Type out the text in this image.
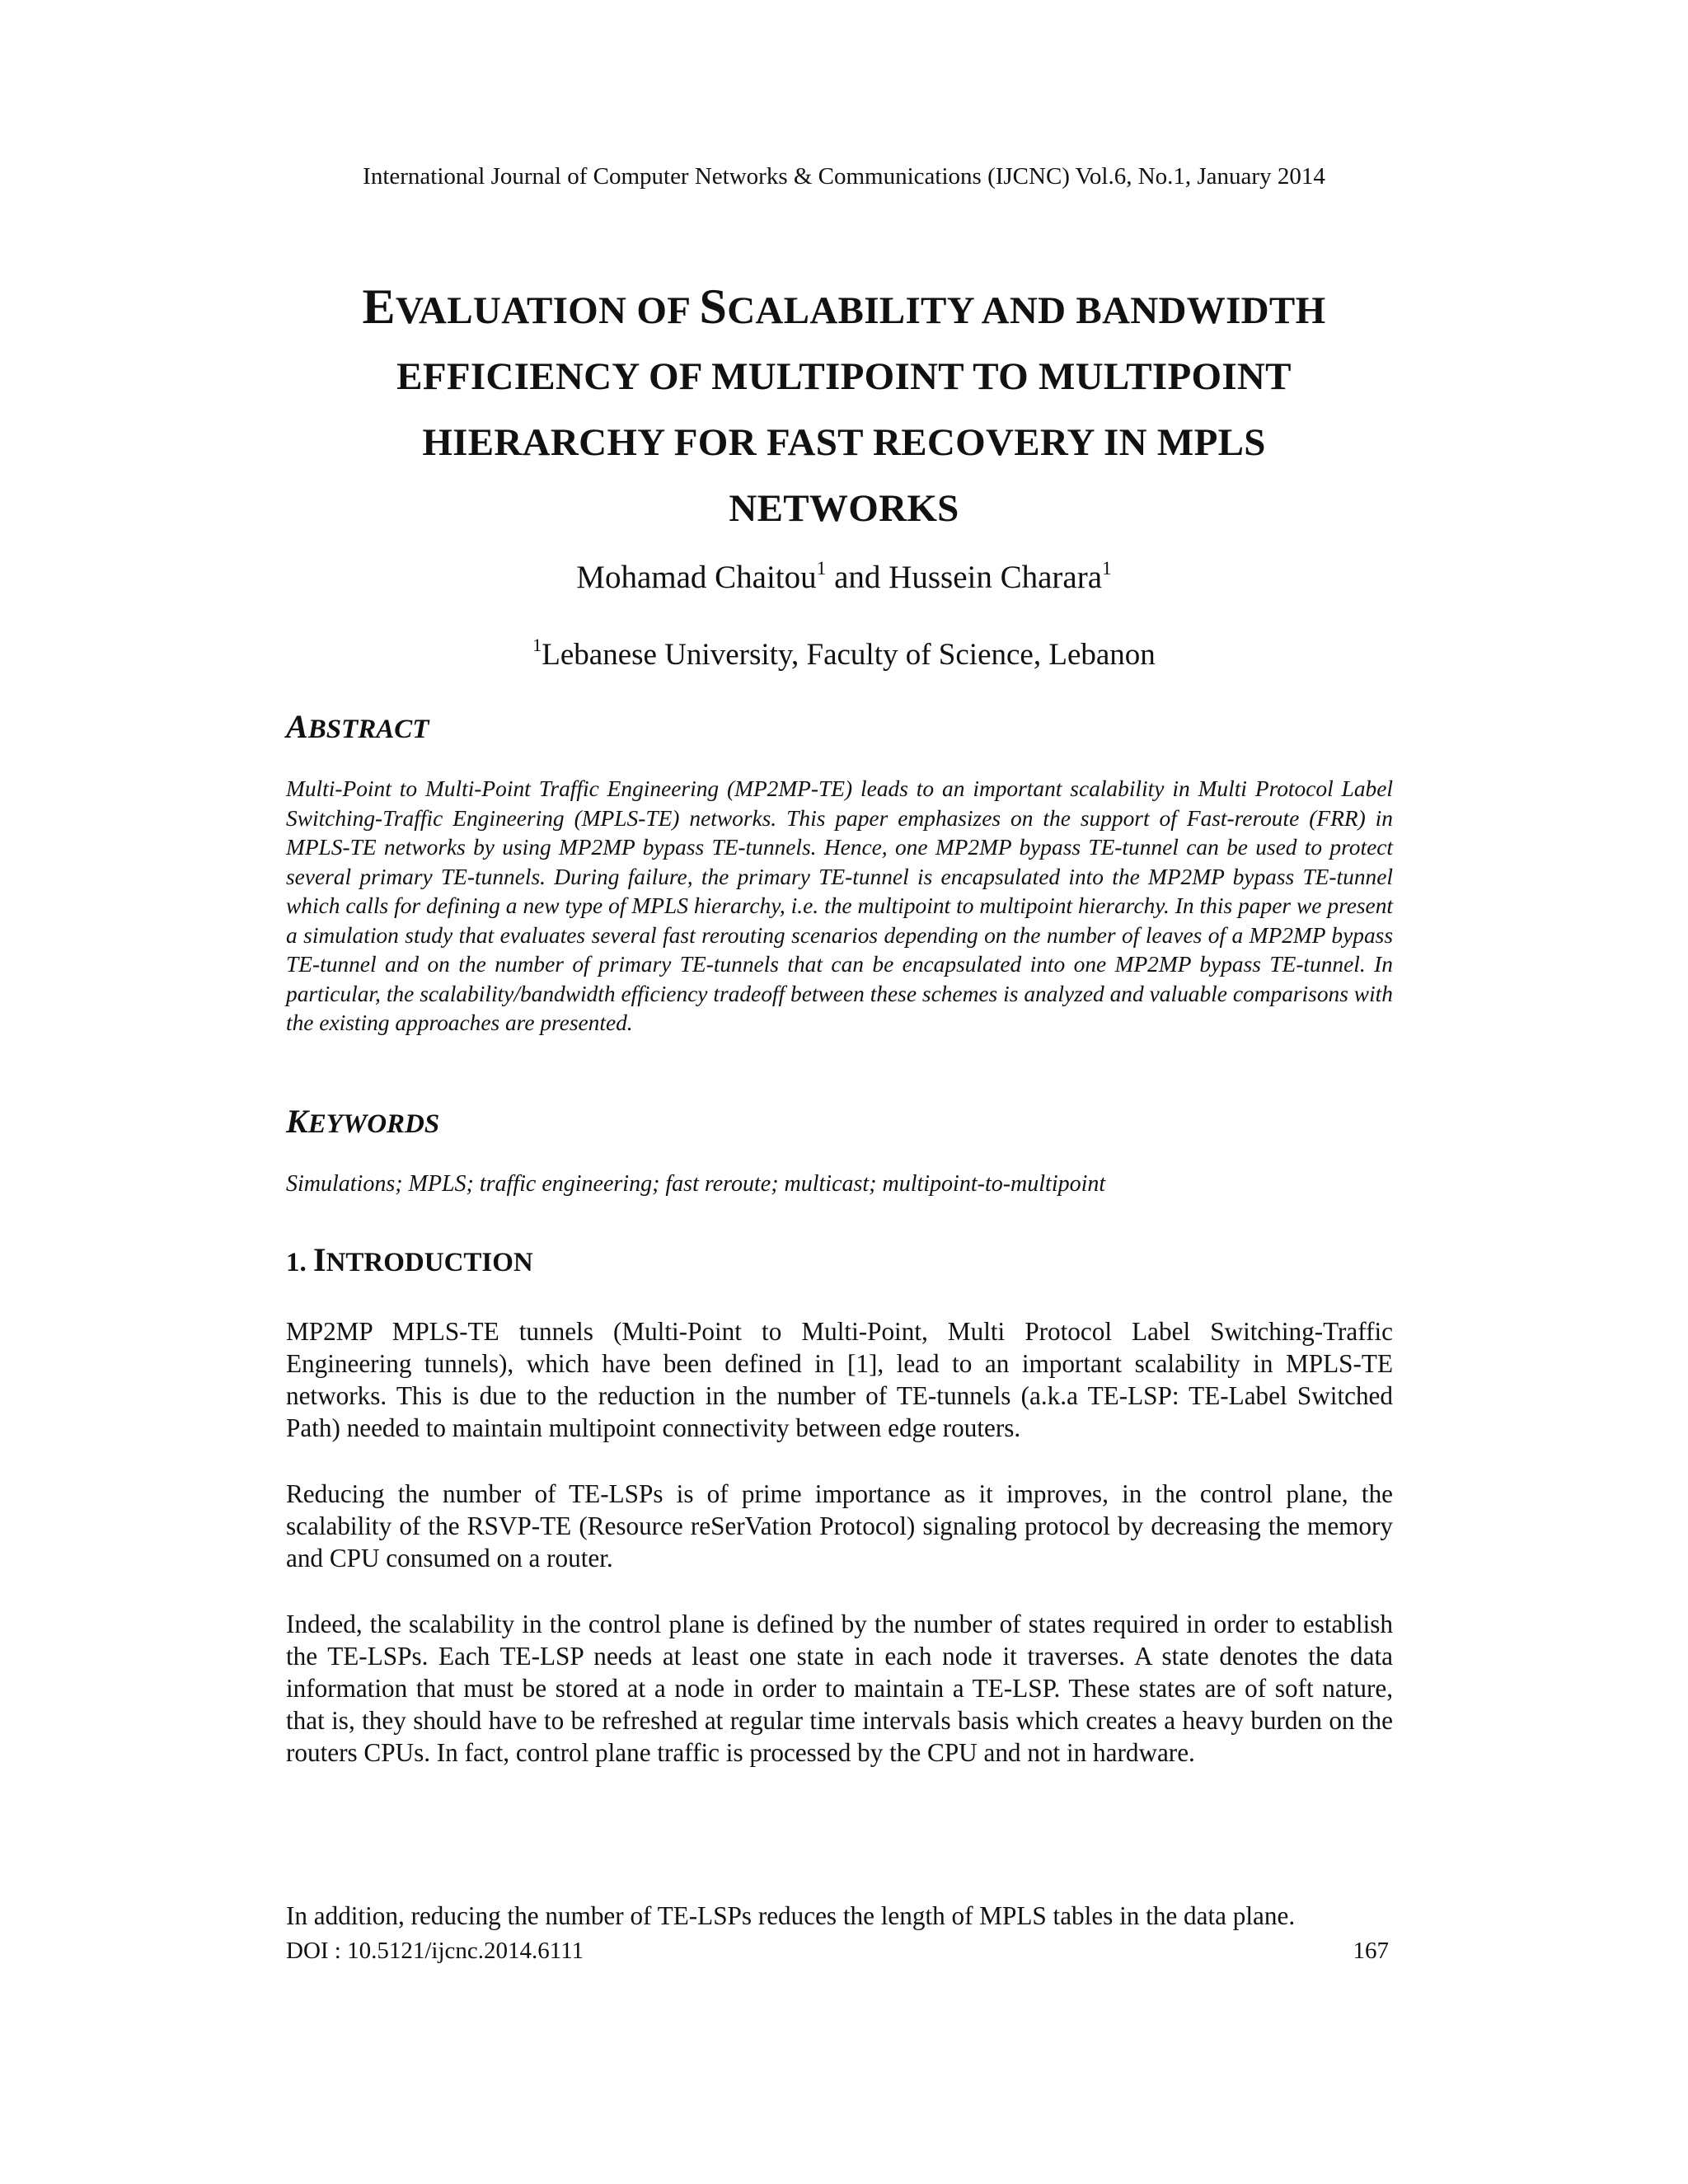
International Journal of Computer Networks & Communications (IJCNC) Vol.6, No.1, January 2014
EVALUATION OF SCALABILITY AND BANDWIDTH
EFFICIENCY OF MULTIPOINT TO MULTIPOINT
HIERARCHY FOR FAST RECOVERY IN MPLS
NETWORKS
Mohamad Chaitou$^1$ and Hussein Charara$^1$
$^1$Lebanese University, Faculty of Science, Lebanon
ABSTRACT
Multi-Point to Multi-Point Traffic Engineering (MP2MP-TE) leads to an important scalability in Multi Protocol Label Switching-Traffic Engineering (MPLS-TE) networks. This paper emphasizes on the support of Fast-reroute (FRR) in MPLS-TE networks by using MP2MP bypass TE-tunnels. Hence, one MP2MP bypass TE-tunnel can be used to protect several primary TE-tunnels. During failure, the primary TE-tunnel is encapsulated into the MP2MP bypass TE-tunnel which calls for defining a new type of MPLS hierarchy, i.e. the multipoint to multipoint hierarchy. In this paper we present a simulation study that evaluates several fast rerouting scenarios depending on the number of leaves of a MP2MP bypass TE-tunnel and on the number of primary TE-tunnels that can be encapsulated into one MP2MP bypass TE-tunnel. In particular, the scalability/bandwidth efficiency tradeoff between these schemes is analyzed and valuable comparisons with the existing approaches are presented.
KEYWORDS
Simulations; MPLS; traffic engineering; fast reroute; multicast; multipoint-to-multipoint
1. INTRODUCTION

MP2MP MPLS-TE tunnels (Multi-Point to Multi-Point, Multi Protocol Label Switching-Traffic Engineering tunnels), which have been defined in [1], lead to an important scalability in MPLS-TE networks. This is due to the reduction in the number of TE-tunnels (a.k.a TE-LSP: TE-Label Switched Path) needed to maintain multipoint connectivity between edge routers.

Reducing the number of TE-LSPs is of prime importance as it improves, in the control plane, the scalability of the RSVP-TE (Resource reSerVation Protocol) signaling protocol by decreasing the memory and CPU consumed on a router.

Indeed, the scalability in the control plane is defined by the number of states required in order to establish the TE-LSPs. Each TE-LSP needs at least one state in each node it traverses. A state denotes the data information that must be stored at a node in order to maintain a TE-LSP. These states are of soft nature, that is, they should have to be refreshed at regular time intervals basis which creates a heavy burden on the routers CPUs. In fact, control plane traffic is processed by the CPU and not in hardware.

In addition, reducing the number of TE-LSPs reduces the length of MPLS tables in the data plane.

DOI : 10.5121/ijcnc.2014.6111	167
